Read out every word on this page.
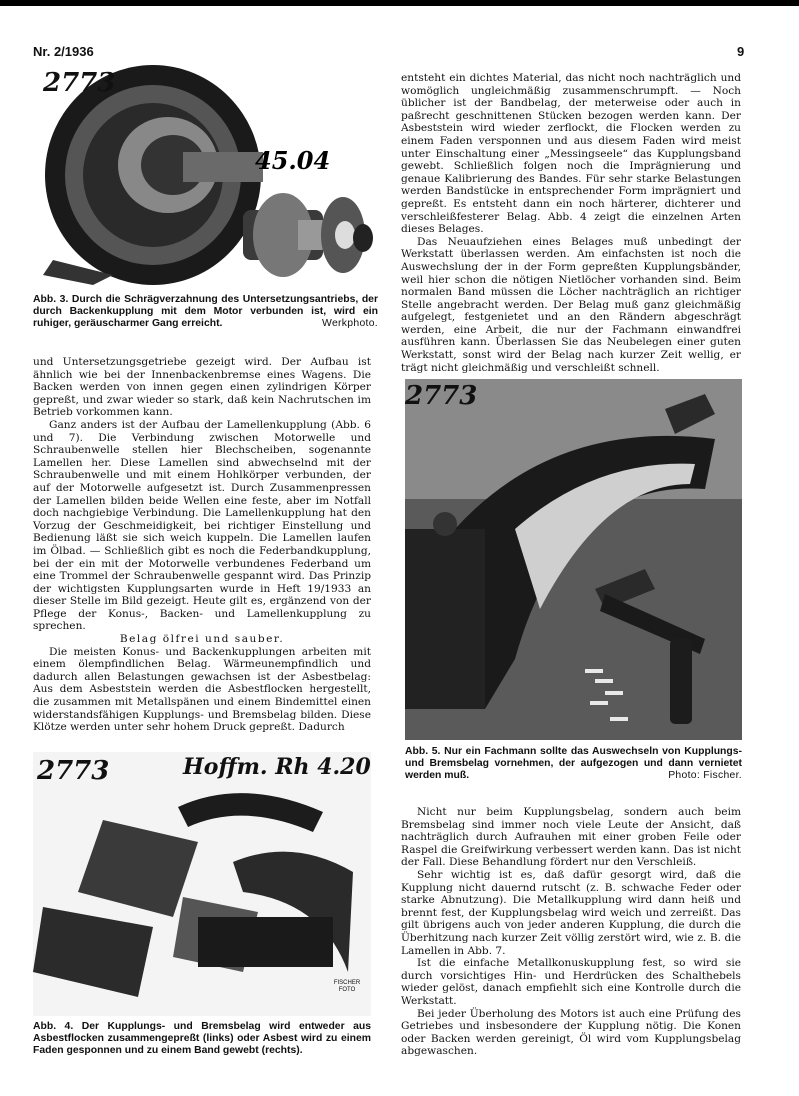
Nr. 2/1936	9
2773
45.04
Abb. 3. Durch die Schrägverzahnung des Untersetzungsantriebs, der durch Backenkupplung mit dem Motor verbunden ist, wird ein ruhiger, geräuscharmer Gang erreicht.	Werkphoto.

und Untersetzungsgetriebe gezeigt wird. Der Aufbau ist ähnlich wie bei der Innenbackenbremse eines Wagens. Die Backen werden von innen gegen einen zylindrigen Körper gepreßt, und zwar wieder so stark, daß kein Nachrutschen im Betrieb vorkommen kann.

Ganz anders ist der Aufbau der Lamellenkupplung (Abb. 6 und 7). Die Verbindung zwischen Motorwelle und Schraubenwelle stellen hier Blechscheiben, sogenannte Lamellen her. Diese Lamellen sind abwechselnd mit der Schraubenwelle und mit einem Hohlkörper verbunden, der auf der Motorwelle aufgesetzt ist. Durch Zusammenpressen der Lamellen bilden beide Wellen eine feste, aber im Notfall doch nachgiebige Verbindung. Die Lamellenkupplung hat den Vorzug der Geschmeidigkeit, bei richtiger Einstellung und Bedienung läßt sie sich weich kuppeln. Die Lamellen laufen im Ölbad. — Schließlich gibt es noch die Federbandkupplung, bei der ein mit der Motorwelle verbundenes Federband um eine Trommel der Schraubenwelle gespannt wird. Das Prinzip der wichtigsten Kupplungsarten wurde in Heft 19/1933 an dieser Stelle im Bild gezeigt. Heute gilt es, ergänzend von der Pflege der Konus-, Backen- und Lamellenkupplung zu sprechen.

Belag ölfrei und sauber.

Die meisten Konus- und Backenkupplungen arbeiten mit einem ölempfindlichen Belag. Wärmeunempfindlich und dadurch allen Belastungen gewachsen ist der Asbestbelag: Aus dem Asbeststein werden die Asbestflocken hergestellt, die zusammen mit Metallspänen und einem Bindemittel einen widerstandsfähigen Kupplungs- und Bremsbelag bilden. Diese Klötze werden unter sehr hohem Druck gepreßt. Dadurch

2773	Hoffm. Rh 4.20
FISCHER FOTO
Abb. 4. Der Kupplungs- und Bremsbelag wird entweder aus Asbestflocken zusammengepreßt (links) oder Asbest wird zu einem Faden gesponnen und zu einem Band gewebt (rechts).

entsteht ein dichtes Material, das nicht noch nachträglich und womöglich ungleichmäßig zusammenschrumpft. — Noch üblicher ist der Bandbelag, der meterweise oder auch in paßrecht geschnittenen Stücken bezogen werden kann. Der Asbeststein wird wieder zerflockt, die Flocken werden zu einem Faden versponnen und aus diesem Faden wird meist unter Einschaltung einer „Messingseele“ das Kupplungsband gewebt. Schließlich folgen noch die Imprägnierung und genaue Kalibrierung des Bandes. Für sehr starke Belastungen werden Bandstücke in entsprechender Form imprägniert und gepreßt. Es entsteht dann ein noch härterer, dichterer und verschleißfesterer Belag. Abb. 4 zeigt die einzelnen Arten dieses Belages.

Das Neuaufziehen eines Belages muß unbedingt der Werkstatt überlassen werden. Am einfachsten ist noch die Auswechslung der in der Form gepreßten Kupplungsbänder, weil hier schon die nötigen Nietlöcher vorhanden sind. Beim normalen Band müssen die Löcher nachträglich an richtiger Stelle angebracht werden. Der Belag muß ganz gleichmäßig aufgelegt, festgenietet und an den Rändern abgeschrägt werden, eine Arbeit, die nur der Fachmann einwandfrei ausführen kann. Überlassen Sie das Neubelegen einer guten Werkstatt, sonst wird der Belag nach kurzer Zeit wellig, er trägt nicht gleichmäßig und verschleißt schnell.

2773
Abb. 5. Nur ein Fachmann sollte das Auswechseln von Kupplungs- und Bremsbelag vornehmen, der aufgezogen und dann vernietet werden muß.	Photo: Fischer.

Nicht nur beim Kupplungsbelag, sondern auch beim Bremsbelag sind immer noch viele Leute der Ansicht, daß nachträglich durch Aufrauhen mit einer groben Feile oder Raspel die Greifwirkung verbessert werden kann. Das ist nicht der Fall. Diese Behandlung fördert nur den Verschleiß.

Sehr wichtig ist es, daß dafür gesorgt wird, daß die Kupplung nicht dauernd rutscht (z. B. schwache Feder oder starke Abnutzung). Die Metallkupplung wird dann heiß und brennt fest, der Kupplungsbelag wird weich und zerreißt. Das gilt übrigens auch von jeder anderen Kupplung, die durch die Überhitzung nach kurzer Zeit völlig zerstört wird, wie z. B. die Lamellen in Abb. 7.

Ist die einfache Metallkonuskupplung fest, so wird sie durch vorsichtiges Hin- und Herdrücken des Schalthebels wieder gelöst, danach empfiehlt sich eine Kontrolle durch die Werkstatt.

Bei jeder Überholung des Motors ist auch eine Prüfung des Getriebes und insbesondere der Kupplung nötig. Die Konen oder Backen werden gereinigt, Öl wird vom Kupplungsbelag abgewaschen.
